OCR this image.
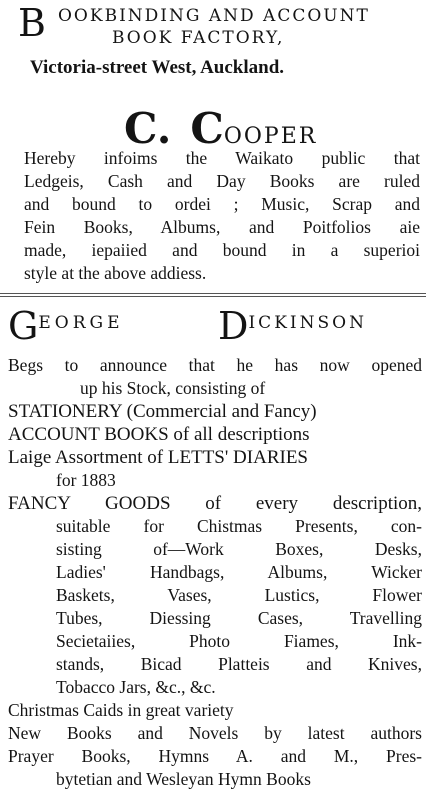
B OOKBINDING AND ACCOUNT
BOOK FACTORY,
Victoria-street West, Auckland.
C. COOPER
Hereby infoims the Waikato public that
Ledgeis, Cash and Day Books are ruled
and bound to ordei ; Music, Scrap and
Fein Books, Albums, and Poitfolios aie
made, iepaiied and bound in a superioi
style at the above addiess.
GEORGE DICKINSON
Begs to announce that he has now opened
up his Stock, consisting of
STATIONERY (Commercial and Fancy)
ACCOUNT BOOKS of all descriptions
Laige Assortment of LETTS' DIARIES
for 1883
FANCY GOODS of every description,
suitable for Chistmas Presents, con-
sisting of—Work Boxes, Desks,
Ladies' Handbags, Albums, Wicker
Baskets, Vases, Lustics, Flower
Tubes, Diessing Cases, Travelling
Secietaiies, Photo Fiames, Ink-
stands, Bicad Platteis and Knives,
Tobacco Jars, &c., &c.
Christmas Caids in great variety
New Books and Novels by latest authors
Prayer Books, Hymns A. and M., Pres-
bytetian and Wesleyan Hymn Books
